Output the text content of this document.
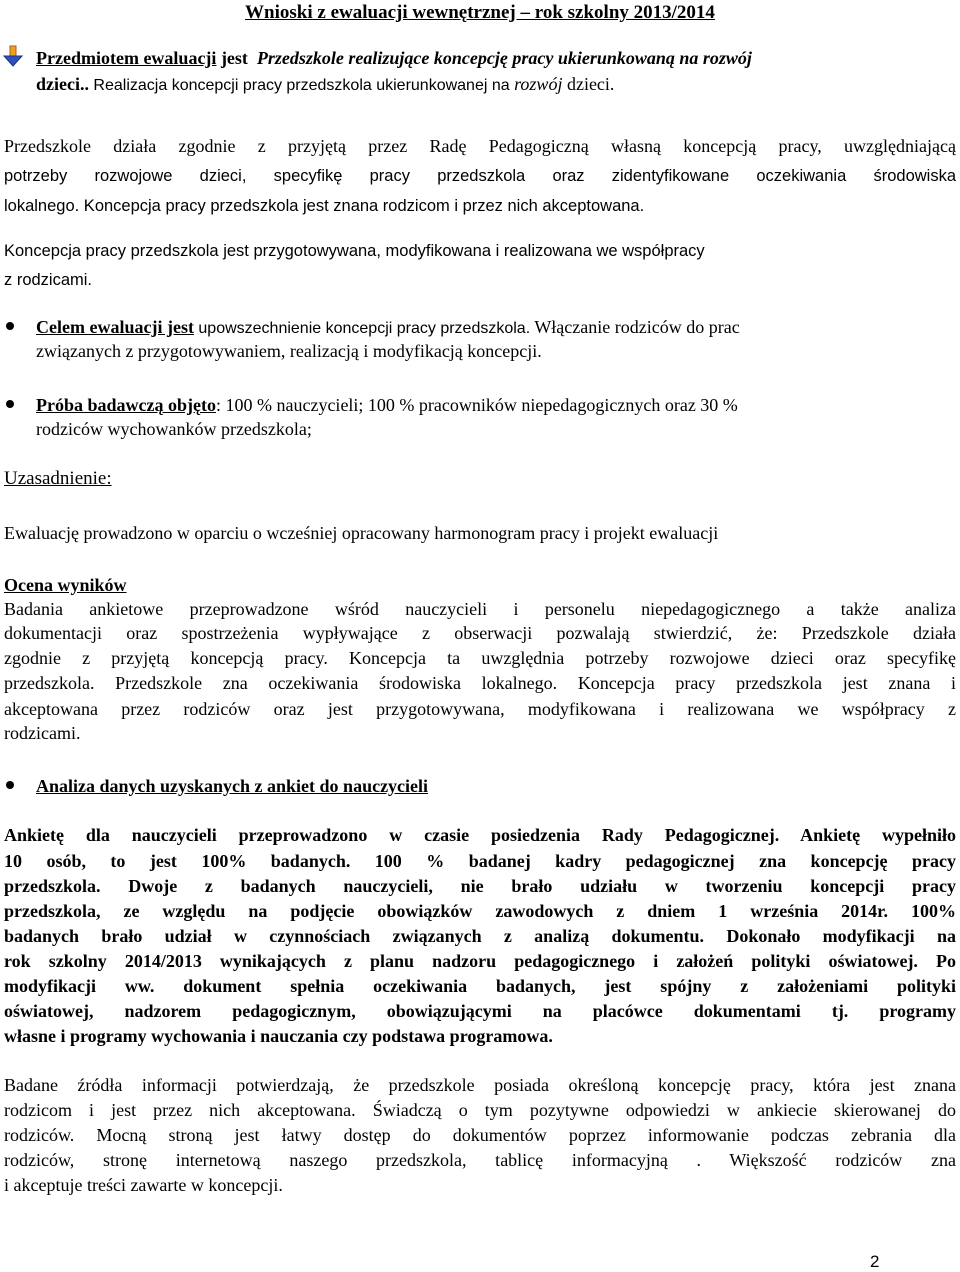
Wnioski z ewaluacji wewnętrznej – rok szkolny 2013/2014
Przedmiotem ewaluacji jest Przedszkole realizujące koncepcję pracy ukierunkowaną na rozwój
dzieci.. Realizacja koncepcji pracy przedszkola ukierunkowanej na rozwój dzieci.
Przedszkole działa zgodnie z przyjętą przez Radę Pedagogiczną własną koncepcją pracy, uwzględniającą
potrzeby rozwojowe dzieci, specyfikę pracy przedszkola oraz zidentyfikowane oczekiwania środowiska
lokalnego. Koncepcja pracy przedszkola jest znana rodzicom i przez nich akceptowana.
Koncepcja pracy przedszkola jest przygotowywana, modyfikowana i realizowana we współpracy
z rodzicami.
Celem ewaluacji jest upowszechnienie koncepcji pracy przedszkola. Włączanie rodziców do prac
związanych z przygotowywaniem, realizacją i modyfikacją koncepcji.
Próba badawczą objęto: 100 % nauczycieli; 100 % pracowników niepedagogicznych oraz 30 %
rodziców wychowanków przedszkola;
Uzasadnienie:
Ewaluację prowadzono w oparciu o wcześniej opracowany harmonogram pracy i projekt ewaluacji
Ocena wyników
Badania ankietowe przeprowadzone wśród nauczycieli i personelu niepedagogicznego a także analiza
dokumentacji oraz spostrzeżenia wypływające z obserwacji pozwalają stwierdzić, że: Przedszkole działa
zgodnie z przyjętą koncepcją pracy. Koncepcja ta uwzględnia potrzeby rozwojowe dzieci oraz specyfikę
przedszkola. Przedszkole zna oczekiwania środowiska lokalnego. Koncepcja pracy przedszkola jest znana i
akceptowana przez rodziców oraz jest przygotowywana, modyfikowana i realizowana we współpracy z
rodzicami.
Analiza danych uzyskanych z ankiet do nauczycieli
Ankietę dla nauczycieli przeprowadzono w czasie posiedzenia Rady Pedagogicznej. Ankietę wypełniło
10 osób, to jest 100% badanych. 100 % badanej kadry pedagogicznej zna koncepcję pracy
przedszkola. Dwoje z badanych nauczycieli, nie brało udziału w tworzeniu koncepcji pracy
przedszkola, ze względu na podjęcie obowiązków zawodowych z dniem 1 września 2014r. 100%
badanych brało udział w czynnościach związanych z analizą dokumentu. Dokonało modyfikacji na
rok szkolny 2014/2013 wynikających z planu nadzoru pedagogicznego i założeń polityki oświatowej. Po
modyfikacji ww. dokument spełnia oczekiwania badanych, jest spójny z założeniami polityki
oświatowej, nadzorem pedagogicznym, obowiązującymi na placówce dokumentami tj. programy
własne i programy wychowania i nauczania czy podstawa programowa.
Badane źródła informacji potwierdzają, że przedszkole posiada określoną koncepcję pracy, która jest znana
rodzicom i jest przez nich akceptowana. Świadczą o tym pozytywne odpowiedzi w ankiecie skierowanej do
rodziców. Mocną stroną jest łatwy dostęp do dokumentów poprzez informowanie podczas zebrania dla
rodziców, stronę internetową naszego przedszkola, tablicę informacyjną . Większość rodziców zna
i akceptuje treści zawarte w koncepcji.
2
